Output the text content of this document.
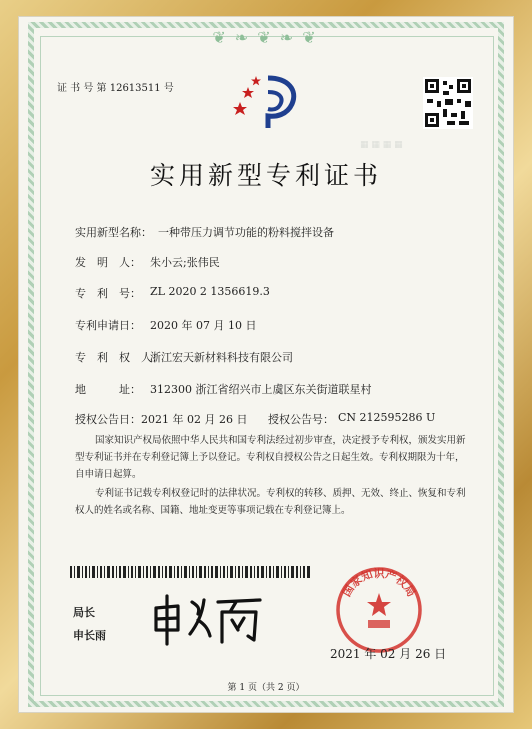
❦ ❧ ❦ ❧ ❦
证 书 号 第 12613511 号
▦ ▦ ▦ ▦
实用新型专利证书
实用新型名称： 一种带压力调节功能的粉料搅拌设备
发　明　人： 朱小云;张伟民
专　利　号： ZL 2020 2 1356619.3
专利申请日： 2020 年 07 月 10 日
专　利　权　人：
浙江宏天新材料科技有限公司
地　　　址： 312300 浙江省绍兴市上虞区东关街道联星村
授权公告日： 2021 年 02 月 26 日 授权公告号： CN 212595286 U
国家知识产权局依照中华人民共和国专利法经过初步审查，决定授予专利权，颁发实用新型专利证书并在专利登记簿上予以登记。专利权自授权公告之日起生效。专利权期限为十年，自申请日起算。
专利证书记载专利权登记时的法律状况。专利权的转移、质押、无效、终止、恢复和专利权人的姓名或名称、国籍、地址变更等事项记载在专利登记簿上。
局长
申长雨
国家知识产权局
2021 年 02 月 26 日
第 1 页（共 2 页）
